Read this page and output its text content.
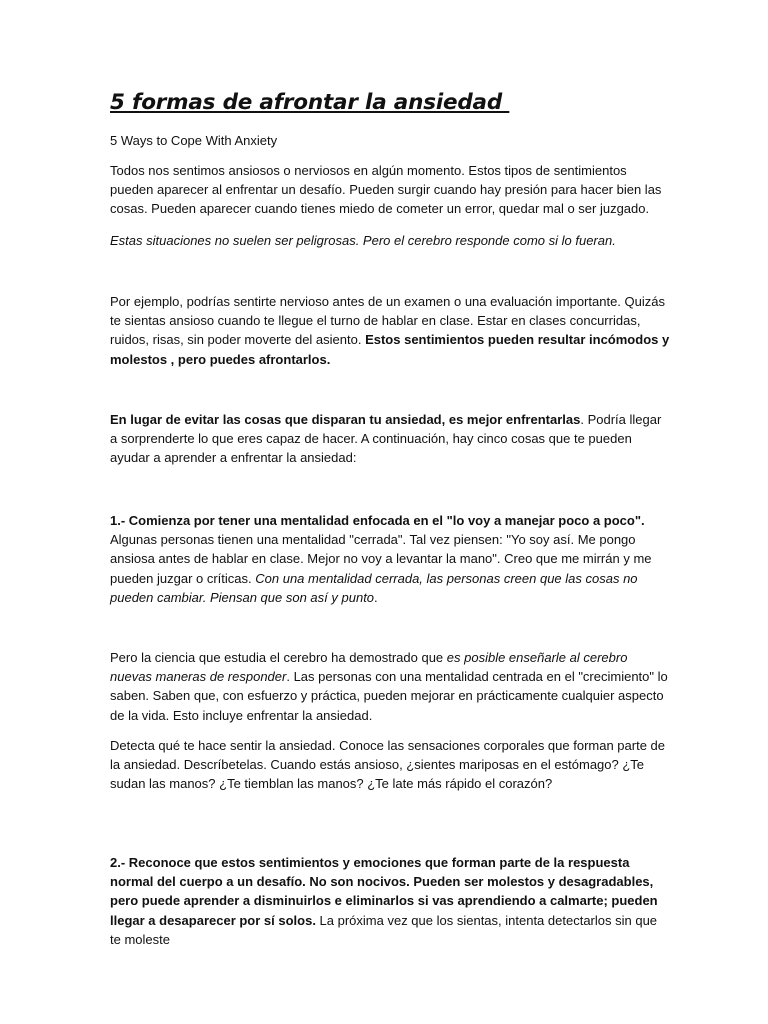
5 formas de afrontar la ansiedad

5 Ways to Cope With Anxiety

Todos nos sentimos ansiosos o nerviosos en algún momento. Estos tipos de sentimientos pueden aparecer al enfrentar un desafío. Pueden surgir cuando hay presión para hacer bien las cosas. Pueden aparecer cuando tienes miedo de cometer un error, quedar mal o ser juzgado.

Estas situaciones no suelen ser peligrosas. Pero el cerebro responde como si lo fueran.

Por ejemplo, podrías sentirte nervioso antes de un examen o una evaluación importante. Quizás te sientas ansioso cuando te llegue el turno de hablar en clase. Estar en clases concurridas, ruidos, risas, sin poder moverte del asiento. Estos sentimientos pueden resultar incómodos y molestos , pero puedes afrontarlos.

En lugar de evitar las cosas que disparan tu ansiedad, es mejor enfrentarlas. Podría llegar a sorprenderte lo que eres capaz de hacer. A continuación, hay cinco cosas que te pueden ayudar a aprender a enfrentar la ansiedad:

1.- Comienza por tener una mentalidad enfocada en el "lo voy a manejar poco a poco". Algunas personas tienen una mentalidad "cerrada". Tal vez piensen: "Yo soy así. Me pongo ansiosa antes de hablar en clase. Mejor no voy a levantar la mano". Creo que me mirrán y me pueden juzgar o críticas. Con una mentalidad cerrada, las personas creen que las cosas no pueden cambiar. Piensan que son así y punto.

Pero la ciencia que estudia el cerebro ha demostrado que es posible enseñarle al cerebro nuevas maneras de responder. Las personas con una mentalidad centrada en el "crecimiento" lo saben. Saben que, con esfuerzo y práctica, pueden mejorar en prácticamente cualquier aspecto de la vida. Esto incluye enfrentar la ansiedad.

Detecta qué te hace sentir la ansiedad. Conoce las sensaciones corporales que forman parte de la ansiedad. Descríbetelas. Cuando estás ansioso, ¿sientes mariposas en el estómago? ¿Te sudan las manos? ¿Te tiemblan las manos? ¿Te late más rápido el corazón?

2.- Reconoce que estos sentimientos y emociones que forman parte de la respuesta normal del cuerpo a un desafío. No son nocivos. Pueden ser molestos y desagradables, pero puede aprender a disminuirlos e eliminarlos si vas aprendiendo a calmarte; pueden llegar a desaparecer por sí solos. La próxima vez que los sientas, intenta detectarlos sin que te moleste
